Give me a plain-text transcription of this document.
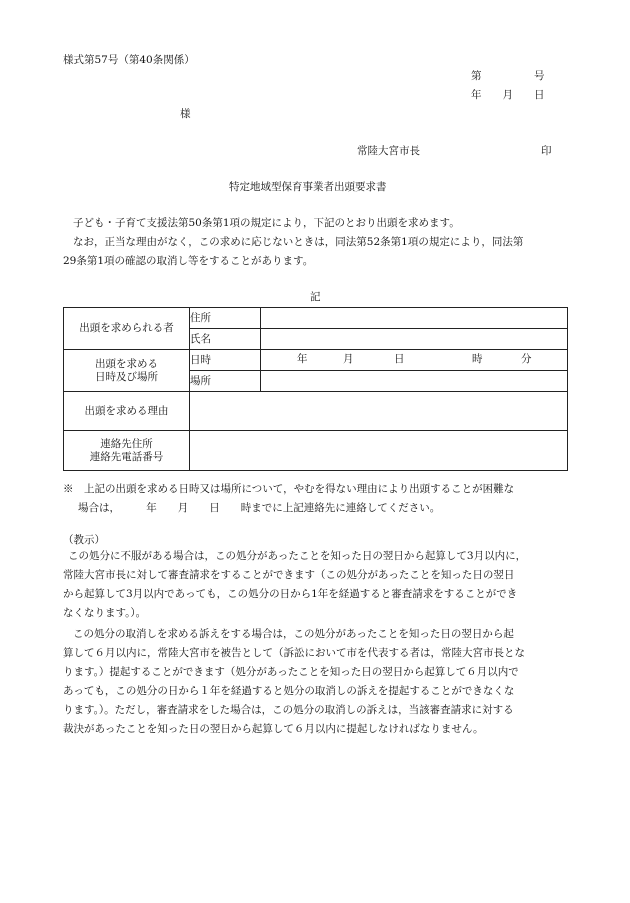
様式第57号（第40条関係）
第　　　　　号
年　　月　　日
様
常陸大宮市長	印
特定地域型保育事業者出頭要求書
子ども・子育て支援法第50条第1項の規定により，下記のとおり出頭を求めます。
なお，正当な理由がなく，この求めに応じないときは，同法第52条第1項の規定により，同法第
29条第1項の確認の取消し等をすることがあります。
記
出頭を求められる者	住所	
	氏名	
出頭を求める
日時及び場所	日時	年 月 日 時 分

	場所	
出頭を求める理由		
連絡先住所
連絡先電話番号		
※　上記の出頭を求める日時又は場所について，やむを得ない理由により出頭することが困難な
場合は，　　　年　　月　　日　　時までに上記連絡先に連絡してください。
（教示）
この処分に不服がある場合は，この処分があったことを知った日の翌日から起算して3月以内に，
常陸大宮市長に対して審査請求をすることができます（この処分があったことを知った日の翌日
から起算して3月以内であっても，この処分の日から1年を経過すると審査請求をすることができ
なくなります。）。
この処分の取消しを求める訴えをする場合は，この処分があったことを知った日の翌日から起
算して６月以内に，常陸大宮市を被告として（訴訟において市を代表する者は，常陸大宮市長とな
ります。）提起することができます（処分があったことを知った日の翌日から起算して６月以内で
あっても，この処分の日から１年を経過すると処分の取消しの訴えを提起することができなくな
ります。）。ただし，審査請求をした場合は，この処分の取消しの訴えは，当該審査請求に対する
裁決があったことを知った日の翌日から起算して６月以内に提起しなければなりません。
